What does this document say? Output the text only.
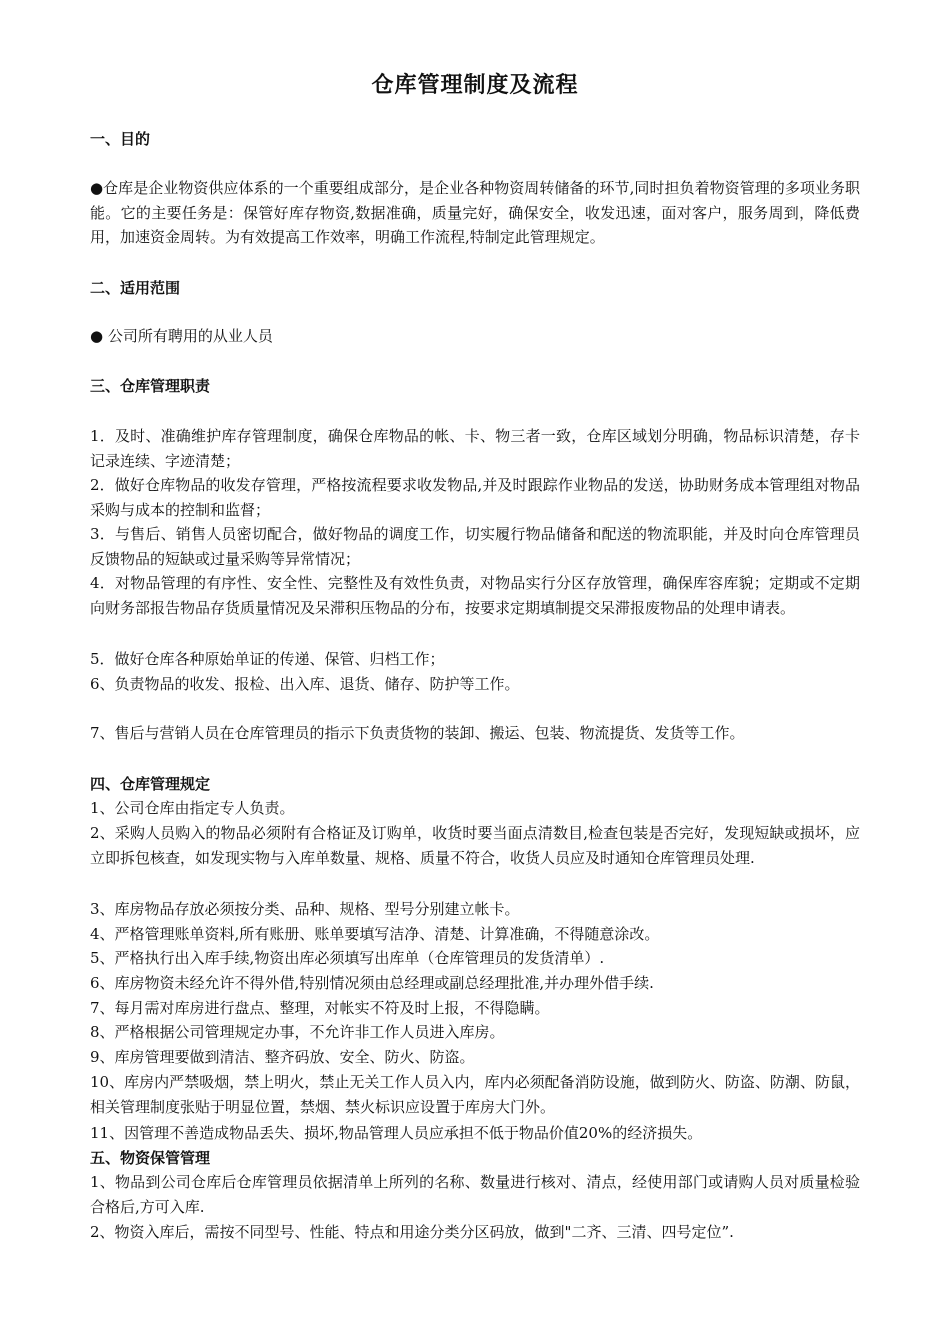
仓库管理制度及流程
一、目的
●仓库是企业物资供应体系的一个重要组成部分，是企业各种物资周转储备的环节,同时担负着物资管理的多项业务职能。它的主要任务是：保管好库存物资,数据准确，质量完好，确保安全，收发迅速，面对客户，服务周到，降低费用，加速资金周转。为有效提高工作效率，明确工作流程,特制定此管理规定。
二、适用范围
● 公司所有聘用的从业人员
三、仓库管理职责
1．及时、准确维护库存管理制度，确保仓库物品的帐、卡、物三者一致，仓库区域划分明确，物品标识清楚，存卡记录连续、字迹清楚；
2．做好仓库物品的收发存管理，严格按流程要求收发物品,并及时跟踪作业物品的发送，协助财务成本管理组对物品采购与成本的控制和监督；
3．与售后、销售人员密切配合，做好物品的调度工作，切实履行物品储备和配送的物流职能，并及时向仓库管理员反馈物品的短缺或过量采购等异常情况；
4．对物品管理的有序性、安全性、完整性及有效性负责，对物品实行分区存放管理，确保库容库貌；定期或不定期向财务部报告物品存货质量情况及呆滞积压物品的分布，按要求定期填制提交呆滞报废物品的处理申请表。
5．做好仓库各种原始单证的传递、保管、归档工作；
6、负责物品的收发、报检、出入库、退货、储存、防护等工作。
7、售后与营销人员在仓库管理员的指示下负责货物的装卸、搬运、包装、物流提货、发货等工作。
四、仓库管理规定
1、公司仓库由指定专人负责。
2、采购人员购入的物品必须附有合格证及订购单，收货时要当面点清数目,检查包装是否完好，发现短缺或损坏，应立即拆包核查，如发现实物与入库单数量、规格、质量不符合，收货人员应及时通知仓库管理员处理.
3、库房物品存放必须按分类、品种、规格、型号分别建立帐卡。
4、严格管理账单资料,所有账册、账单要填写洁净、清楚、计算准确，不得随意涂改。
5、严格执行出入库手续,物资出库必须填写出库单（仓库管理员的发货清单）.
6、库房物资未经允许不得外借,特别情况须由总经理或副总经理批准,并办理外借手续.
7、每月需对库房进行盘点、整理，对帐实不符及时上报，不得隐瞒。
8、严格根据公司管理规定办事，不允许非工作人员进入库房。
9、库房管理要做到清洁、整齐码放、安全、防火、防盗。
10、库房内严禁吸烟，禁上明火，禁止无关工作人员入内，库内必须配备消防设施，做到防火、防盗、防潮、防鼠，相关管理制度张贴于明显位置，禁烟、禁火标识应设置于库房大门外。
11、因管理不善造成物品丢失、损坏,物品管理人员应承担不低于物品价值20%的经济损失。
五、物资保管管理
1、物品到公司仓库后仓库管理员依据清单上所列的名称、数量进行核对、清点，经使用部门或请购人员对质量检验合格后,方可入库.
2、物资入库后，需按不同型号、性能、特点和用途分类分区码放，做到"二齐、三清、四号定位”.
